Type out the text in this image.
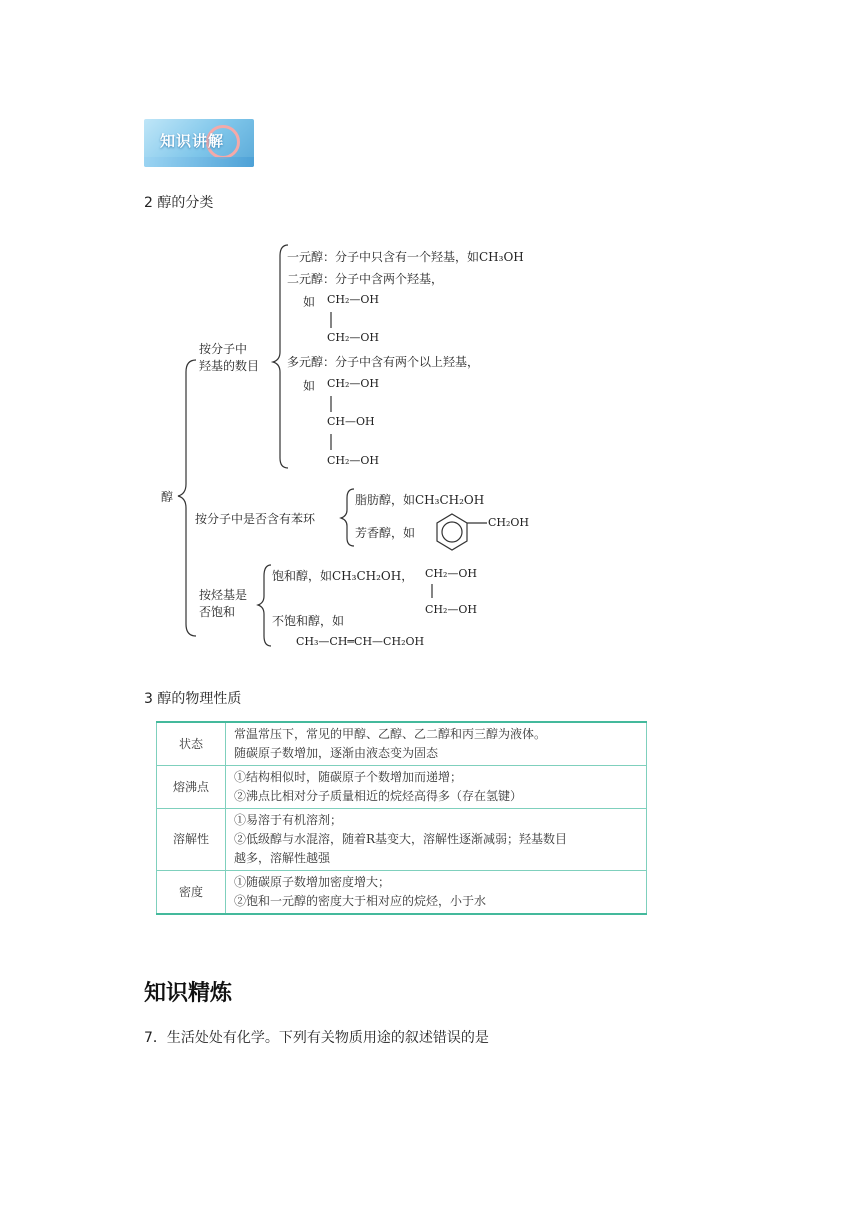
知识讲解
2 醇的分类
醇
按分子中
羟基的数目
一元醇：分子中只含有一个羟基，如CH₃OH
二元醇：分子中含两个羟基，
如 CH₂—OH
CH₂—OH
多元醇：分子中含有两个以上羟基，
如 CH₂—OH
CH—OH
CH₂—OH
按分子中是否含有苯环
脂肪醇，如CH₃CH₂OH
芳香醇，如
CH₂OH
按烃基是
否饱和
饱和醇，如CH₃CH₂OH， CH₂—OH
CH₂—OH
不饱和醇，如
CH₃—CH═CH—CH₂OH
3 醇的物理性质
状态	常温常压下，常见的甲醇、乙醇、乙二醇和丙三醇为液体。
随碳原子数增加，逐渐由液态变为固态

熔沸点	①结构相似时，随碳原子个数增加而递增；
②沸点比相对分子质量相近的烷烃高得多（存在氢键）

溶解性	①易溶于有机溶剂；
②低级醇与水混溶，随着R基变大，溶解性逐渐减弱；羟基数目
越多，溶解性越强

密度	①随碳原子数增加密度增大；
②饱和一元醇的密度大于相对应的烷烃，小于水
知识精炼
7．生活处处有化学。下列有关物质用途的叙述错误的是
